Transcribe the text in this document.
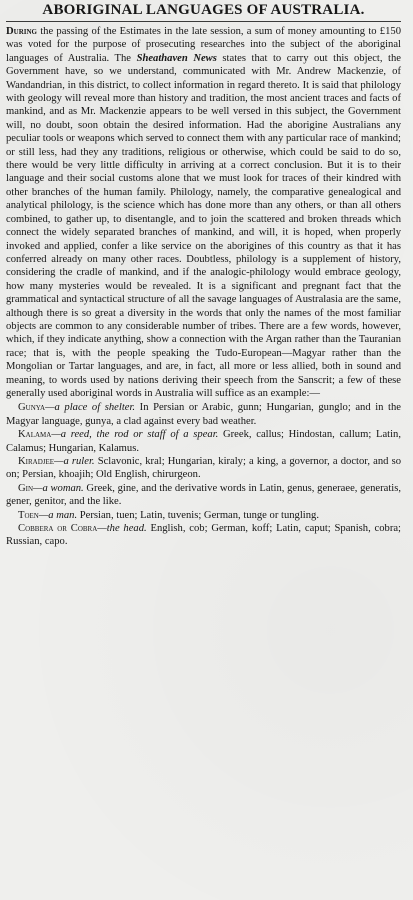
ABORIGINAL LANGUAGES OF AUSTRALIA.

During the passing of the Estimates in the late session, a sum of money amounting to £150 was voted for the purpose of prosecuting researches into the subject of the aboriginal languages of Australia. The Sheathaven News states that to carry out this object, the Government have, so we understand, communicated with Mr. Andrew Mackenzie, of Wandandrian, in this district, to collect information in regard thereto. It is said that philology with geology will reveal more than history and tradition, the most ancient traces and facts of mankind, and as Mr. Mackenzie appears to be well versed in this subject, the Government will, no doubt, soon obtain the desired information. Had the aborigine Australians any peculiar tools or weapons which served to connect them with any particular race of mankind; or still less, had they any traditions, religious or otherwise, which could be said to do so, there would be very little difficulty in arriving at a correct conclusion. But it is to their language and their social customs alone that we must look for traces of their kindred with other branches of the human family. Philology, namely, the comparative genealogical and analytical philology, is the science which has done more than any others, or than all others combined, to gather up, to disentangle, and to join the scattered and broken threads which connect the widely separated branches of mankind, and will, it is hoped, when properly invoked and applied, confer a like service on the aborigines of this country as that it has conferred already on many other races. Doubtless, philology is a supplement of history, considering the cradle of mankind, and if the analogic-philology would embrace geology, how many mysteries would be revealed. It is a significant and pregnant fact that the grammatical and syntactical structure of all the savage languages of Australasia are the same, although there is so great a diversity in the words that only the names of the most familiar objects are common to any considerable number of tribes. There are a few words, however, which, if they indicate anything, show a connection with the Argan rather than the Tauranian race; that is, with the people speaking the Tudo-European—Magyar rather than the Mongolian or Tartar languages, and are, in fact, all more or less allied, both in sound and meaning, to words used by nations deriving their speech from the Sanscrit; a few of these generally used aboriginal words in Australia will suffice as an example:—

Gunya—a place of shelter. In Persian or Arabic, gunn; Hungarian, gunglo; and in the Magyar language, gunya, a clad against every bad weather.

Kalama—a reed, the rod or staff of a spear. Greek, callus; Hindostan, callum; Latin, Calamus; Hungarian, Kalamus.

Kiradjee—a ruler. Sclavonic, kral; Hungarian, kiraly; a king, a governor, a doctor, and so on; Persian, khoajih; Old English, chirurgeon.

Gin—a woman. Greek, gine, and the derivative words in Latin, genus, generaee, generatis, gener, genitor, and the like.

Toen—a man. Persian, tuen; Latin, tuvenis; German, tunge or tungling.

Cobbera or Cobra—the head. English, cob; German, koff; Latin, caput; Spanish, cobra; Russian, capo.
